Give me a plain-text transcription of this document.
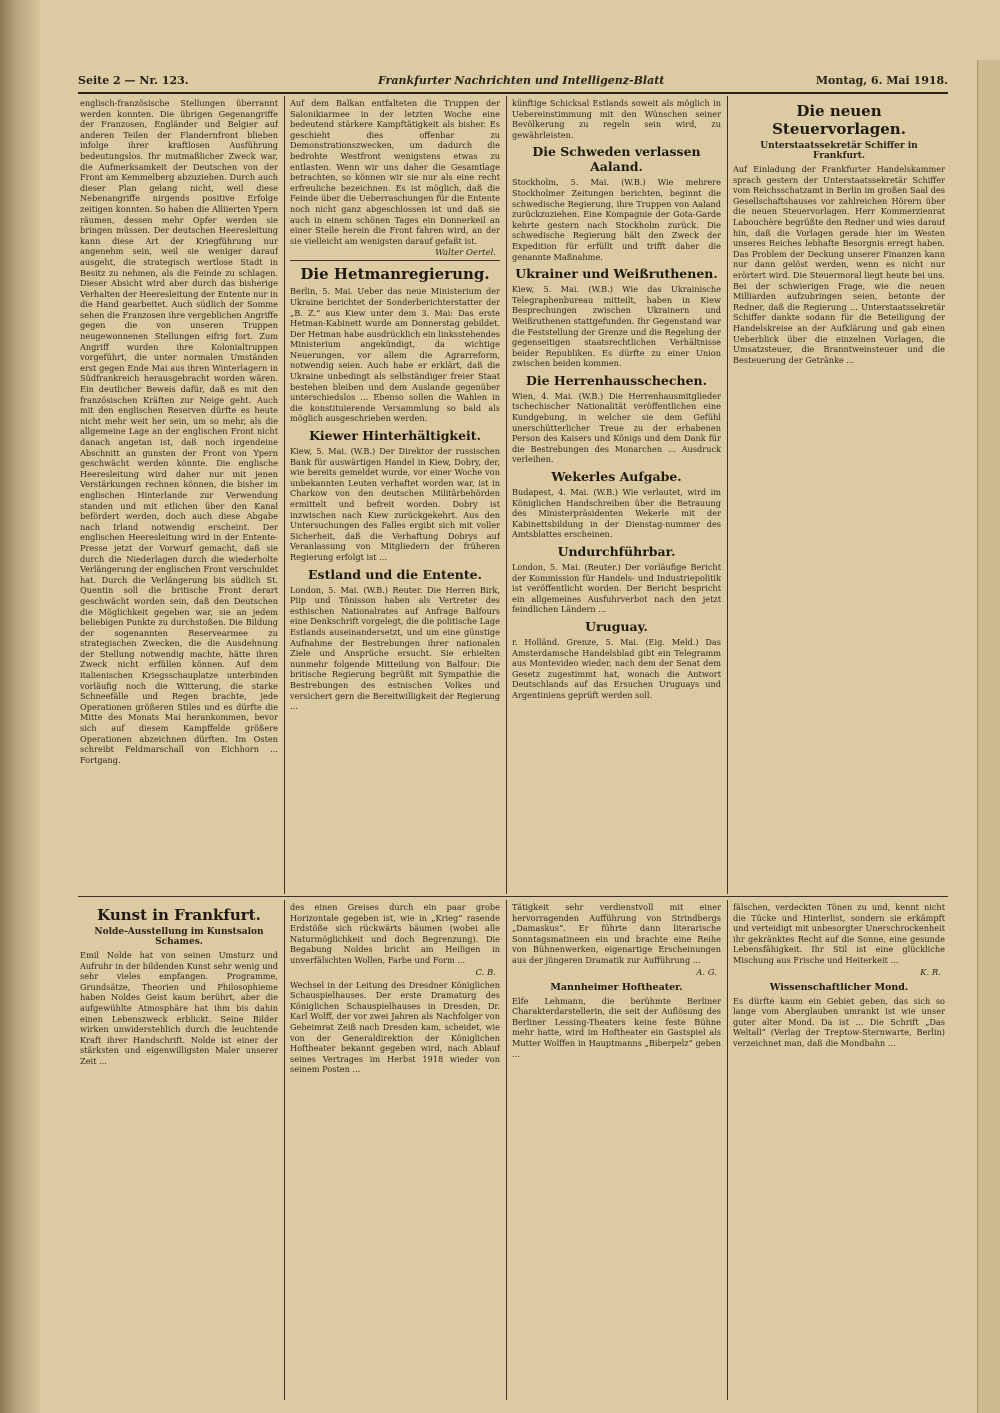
Seite 2 — Nr. 123.	Frankfurter Nachrichten und Intelligenz-Blatt	Montag, 6. Mai 1918.

englisch-französische Stellungen überrannt werden konnten. Die übrigen Gegenangriffe der Franzosen, Engländer und Belgier auf anderen Teilen der Flandernfront blieben infolge ihrer kraftlosen Ausführung bedeutungslos. Ihr mutmaßlicher Zweck war, die Aufmerksamkeit der Deutschen von der Front am Kemmelberg abzuziehen. Durch auch dieser Plan gelang nicht, weil diese Nebenangriffe nirgends positive Erfolge zeitigen konnten. So haben die Alliierten Ypern räumen, dessen mehr Opfer werden sie bringen müssen. Der deutschen Heeresleitung kann diese Art der Kriegführung nur angenehm sein, weil sie weniger darauf ausgeht, die strategisch wertlose Stadt in Besitz zu nehmen, als die Feinde zu schlagen. Dieser Absicht wird aber durch das bisherige Verhalten der Heeresleitung der Entente nur in die Hand gearbeitet. Auch südlich der Somme sehen die Franzosen ihre vergeblichen Angriffe gegen die von unseren Truppen neugewonnenen Stellungen eifrig fort. Zum Angriff wurden ihre Kolonialtruppen vorgeführt, die unter normalen Umständen erst gegen Ende Mai aus ihren Winterlagern in Südfrankreich herausgebracht worden wären. Ein deutlicher Beweis dafür, daß es mit den französischen Kräften zur Neige geht. Auch mit den englischen Reserven dürfte es heute nicht mehr weit her sein, um so mehr, als die allgemeine Lage an der englischen Front nicht danach angetan ist, daß noch irgendeine Abschnitt an gunsten der Front von Ypern geschwächt werden könnte. Die englische Heeresleitung wird daher nur mit jenen Verstärkungen rechnen können, die bisher im englischen Hinterlande zur Verwendung standen und mit etlichen über den Kanal befördert werden, doch auch diese Abgabe nach Irland notwendig erscheint. Der englischen Heeresleitung wird in der Entente-Presse jetzt der Vorwurf gemacht, daß sie durch die Niederlagen durch die wiederholte Verlängerung der englischen Front verschuldet hat. Durch die Verlängerung bis südlich St. Quentin soll die britische Front derart geschwächt worden sein, daß den Deutschen die Möglichkeit gegeben war, sie an jedem beliebigen Punkte zu durchstoßen. Die Bildung der sogenannten Reservearmee zu strategischen Zwecken, die die Ausdehnung der Stellung notwendig machte, hätte ihren Zweck nicht erfüllen können. Auf dem italienischen Kriegsschauplatze unterbinden vorläufig noch die Witterung, die starke Schneefälle und Regen brachte, jede Operationen größeren Stiles und es dürfte die Mitte des Monats Mai herankommen, bevor sich auf diesem Kampffelde größere Operationen abzeichnen dürften. Im Osten schreibt Feldmarschall von Eichhorn ... Fortgang.

Auf dem Balkan entfalteten die Truppen der Salonikiarmee in der letzten Woche eine bedeutend stärkere Kampftätigkeit als bisher. Es geschieht dies offenbar zu Demonstrationszwecken, um dadurch die bedrohte Westfront wenigstens etwas zu entlasten. Wenn wir uns daher die Gesamtlage betrachten, so können wir sie nur als eine recht erfreuliche bezeichnen. Es ist möglich, daß die Feinde über die Ueberraschungen für die Entente noch nicht ganz abgeschlossen ist und daß sie auch in einem schönen Tages ein Donnerkeil an einer Stelle herein die Front fahren wird, an der sie vielleicht am wenigsten darauf gefaßt ist.

Walter Oertel.

Die Hetmanregierung.

Berlin, 5. Mai. Ueber das neue Ministerium der Ukraine berichtet der Sonderberichterstatter der „B. Z.“ aus Kiew unter dem 3. Mai: Das erste Hetman-Kabinett wurde am Donnerstag gebildet. Der Hetman habe ausdrücklich ein linksstehendes Ministerium angekündigt, da wichtige Neuerungen, vor allem die Agrarreform, notwendig seien. Auch habe er erklärt, daß die Ukraine unbedingt als selbständiger freier Staat bestehen bleiben und dem Auslande gegenüber unterschiedslos ... Ebenso sollen die Wahlen in die konstituierende Versammlung so bald als möglich ausgeschrieben werden.

Kiewer Hinterhältigkeit.

Kiew, 5. Mai. (W.B.) Der Direktor der russischen Bank für auswärtigen Handel in Kiew, Dobry, der, wie bereits gemeldet wurde, vor einer Woche von unbekannten Leuten verhaftet worden war, ist in Charkow von den deutschen Militärbehörden ermittelt und befreit worden. Dobry ist inzwischen nach Kiew zurückgekehrt. Aus den Untersuchungen des Falles ergibt sich mit voller Sicherheit, daß die Verhaftung Dobrys auf Veranlassung von Mitgliedern der früheren Regierung erfolgt ist ...

Estland und die Entente.

London, 5. Mai. (W.B.) Reuter. Die Herren Birk, Piip und Tõnisson haben als Vertreter des esthischen Nationalrates auf Anfrage Balfours eine Denkschrift vorgelegt, die die politische Lage Estlands auseinandersetzt, und um eine günstige Aufnahme der Bestrebungen ihrer nationalen Ziele und Ansprüche ersucht. Sie erhielten nunmehr folgende Mitteilung von Balfour: Die britische Regierung begrüßt mit Sympathie die Bestrebungen des estnischen Volkes und versichert gern die Bereitwilligkeit der Regierung ...

künftige Schicksal Estlands soweit als möglich in Uebereinstimmung mit den Wünschen seiner Bevölkerung zu regeln sein wird, zu gewährleisten.

Die Schweden verlassen Aaland.

Stockholm, 5. Mai. (W.B.) Wie mehrere Stockholmer Zeitungen berichten, beginnt die schwedische Regierung, ihre Truppen von Aaland zurückzuziehen. Eine Kompagnie der Gota-Garde kehrte gestern nach Stockholm zurück. Die schwedische Regierung hält den Zweck der Expedition für erfüllt und trifft daher die genannte Maßnahme.

Ukrainer und Weißruthenen.

Kiew, 5. Mai. (W.B.) Wie das Ukrainische Telegraphenbureau mitteilt, haben in Kiew Besprechungen zwischen Ukrainern und Weißruthenen stattgefunden. Ihr Gegenstand war die Feststellung der Grenze und die Regelung der gegenseitigen staatsrechtlichen Verhältnisse beider Republiken. Es dürfte zu einer Union zwischen beiden kommen.

Die Herrenhausschechen.

Wien, 4. Mai. (W.B.) Die Herrenhausmitglieder tschechischer Nationalität veröffentlichen eine Kundgebung, in welcher sie dem Gefühl unerschütterlicher Treue zu der erhabenen Person des Kaisers und Königs und dem Dank für die Bestrebungen des Monarchen ... Ausdruck verleihen.

Wekerles Aufgabe.

Budapest, 4. Mai. (W.B.) Wie verlautet, wird im Königlichen Handschreiben über die Betrauung des Ministerpräsidenten Wekerle mit der Kabinettsbildung in der Dienstag-nummer des Amtsblattes erscheinen.

Undurchführbar.

London, 5. Mai. (Reuter.) Der vorläufige Bericht der Kommission für Handels- und Industriepolitik ist veröffentlicht worden. Der Bericht bespricht ein allgemeines Ausfuhrverbot nach den jetzt feindlichen Ländern ...

Uruguay.

r. Holländ. Grenze, 5. Mai. (Eig. Meld.) Das Amsterdamsche Handelsblad gibt ein Telegramm aus Montevideo wieder, nach dem der Senat dem Gesetz zugestimmt hat, wonach die Antwort Deutschlands auf das Ersuchen Uruguays und Argentiniens geprüft werden soll.

Die neuen Steuervorlagen.

Unterstaatssekretär Schiffer in Frankfurt.

Auf Einladung der Frankfurter Handelskammer sprach gestern der Unterstaatssekretär Schiffer vom Reichsschatzamt in Berlin im großen Saal des Gesellschaftshauses vor zahlreichen Hörern über die neuen Steuervorlagen. Herr Kommerzienrat Labouchère begrüßte den Redner und wies darauf hin, daß die Vorlagen gerade hier im Westen unseres Reiches lebhafte Besorgnis erregt haben. Das Problem der Deckung unserer Finanzen kann nur dann gelöst werden, wenn es nicht nur erörtert wird. Die Steuermoral liegt heute bei uns. Bei der schwierigen Frage, wie die neuen Milliarden aufzubringen seien, betonte der Redner, daß die Regierung ... Unterstaatssekretär Schiffer dankte sodann für die Beteiligung der Handelskreise an der Aufklärung und gab einen Ueberblick über die einzelnen Vorlagen, die Umsatzsteuer, die Branntweinsteuer und die Besteuerung der Getränke ...

Kunst in Frankfurt.

Nolde-Ausstellung im Kunstsalon Schames.

Emil Nolde hat von seinen Umsturz und Aufruhr in der bildenden Kunst sehr wenig und sehr vieles empfangen. Programme, Grundsätze, Theorien und Philosophieme haben Noldes Geist kaum berührt, aber die aufgewühlte Atmosphäre hat ihm bis dahin einen Lebenszweck erblickt. Seine Bilder wirken unwiderstehlich durch die leuchtende Kraft ihrer Handschrift. Nolde ist einer der stärksten und eigenwilligsten Maler unserer Zeit ...

des einen Greises durch ein paar grobe Horizontale gegeben ist, wie in „Krieg“ rasende Erdstöße sich rückwärts bäumen (wobei alle Naturmöglichkeit und doch Begrenzung). Die Begabung Noldes bricht am Heiligen in unverfälschten Wollen, Farbe und Form ...

C. B.

Wechsel in der Leitung des Dresdner Königlichen Schauspielhauses. Der erste Dramaturg des Königlichen Schauspielhauses in Dresden, Dr. Karl Wolff, der vor zwei Jahren als Nachfolger von Geheimrat Zeiß nach Dresden kam, scheidet, wie von der Generaldirektion der Königlichen Hoftheater bekannt gegeben wird, nach Ablauf seines Vertrages im Herbst 1918 wieder von seinem Posten ...

Tätigkeit sehr verdienstvoll mit einer hervorragenden Aufführung von Strindbergs „Damaskus“. Er führte dann literarische Sonntagsmatineen ein und brachte eine Reihe von Bühnenwerken, eigenartige Erscheinungen aus der jüngeren Dramatik zur Aufführung ...

A. G.

Mannheimer Hoftheater.

Elfe Lehmann, die berühmte Berliner Charakterdarstellerin, die seit der Auflösung des Berliner Lessing-Theaters keine feste Bühne mehr hatte, wird im Hoftheater ein Gastspiel als Mutter Wolffen in Hauptmanns „Biberpelz“ geben ...

fälschen, verdeckten Tönen zu und, kennt nicht die Tücke und Hinterlist, sondern sie erkämpft und verteidigt mit unbesorgter Unerschrockenheit ihr gekränktes Recht auf die Sonne, eine gesunde Lebensfähigkeit. Ihr Stil ist eine glückliche Mischung aus Frische und Heiterkeit ...

K. R.

Wissenschaftlicher Mond.

Es dürfte kaum ein Gebiet geben, das sich so lange vom Aberglauben umrankt ist wie unser guter alter Mond. Da ist ... Die Schrift „Das Weltall“ (Verlag der Treptow-Sternwarte, Berlin) verzeichnet man, daß die Mondbahn ...
